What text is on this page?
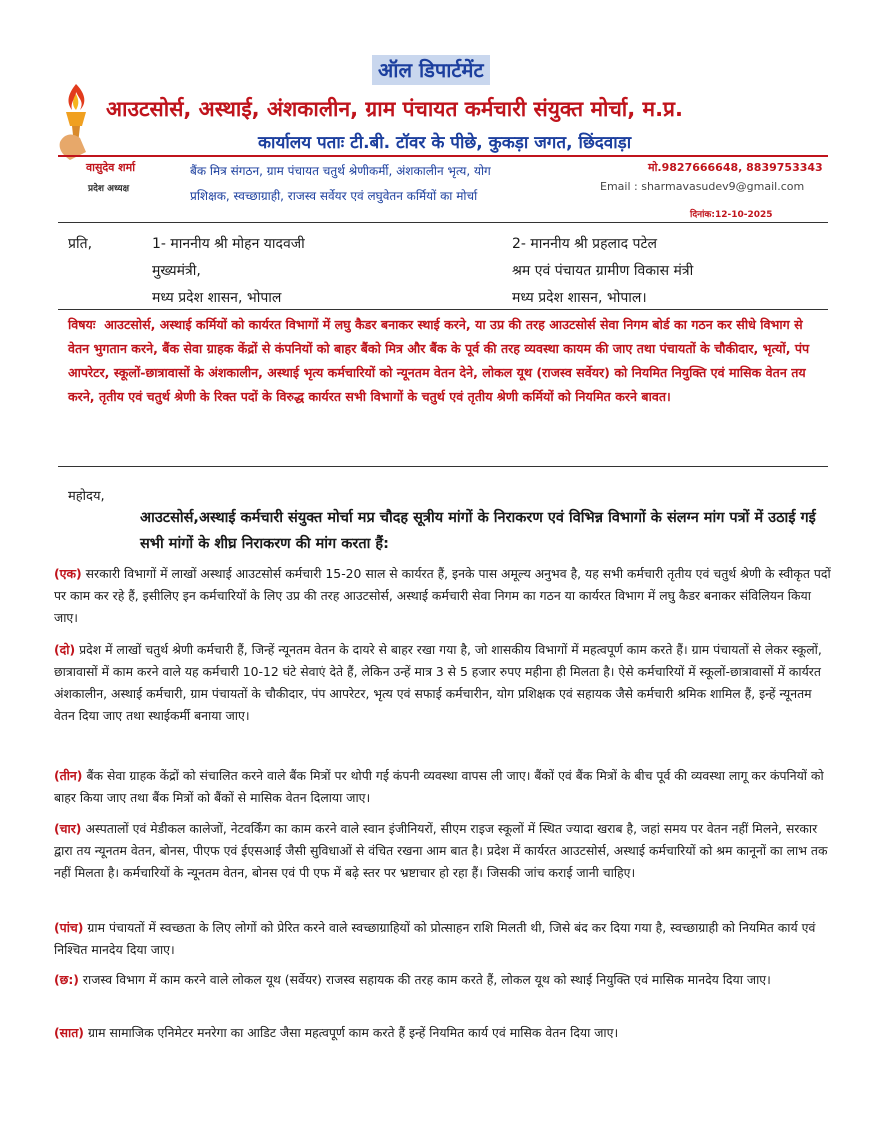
ऑल डिपार्टमेंट
आउटसोर्स, अस्थाई, अंशकालीन, ग्राम पंचायत कर्मचारी संयुक्त मोर्चा, म.प्र.
कार्यालय पताः टी.बी. टॉवर के पीछे, कुकड़ा जगत, छिंदवाड़ा
वासुदेव शर्मा
प्रदेश अध्यक्ष
बैंक मित्र संगठन, ग्राम पंचायत चतुर्थ श्रेणीकर्मी, अंशकालीन भृत्य, योग
प्रशिक्षक, स्वच्छाग्राही, राजस्व सर्वेयर एवं लघुवेतन कर्मियों का मोर्चा
मो.9827666648, 8839753343
Email : sharmavasudev9@gmail.com
दिनांक:12-10-2025
प्रति,	1- माननीय श्री मोहन यादवजी
मुख्यमंत्री,
मध्य प्रदेश शासन, भोपाल
2- माननीय श्री प्रहलाद पटेल
श्रम एवं पंचायत ग्रामीण विकास मंत्री
मध्य प्रदेश शासन, भोपाल।
विषयः आउटसोर्स, अस्थाई कर्मियों को कार्यरत विभागों में लघु कैडर बनाकर स्थाई करने, या उप्र की तरह आउटसोर्स सेवा निगम बोर्ड का गठन कर सीधे विभाग से वेतन भुगतान करने, बैंक सेवा ग्राहक केंद्रों से कंपनियों को बाहर बैंको मित्र और बैंक के पूर्व की तरह व्यवस्था कायम की जाए तथा पंचायतों के चौकीदार, भृत्यों, पंप आपरेटर, स्कूलों-छात्रावासों के अंशकालीन, अस्थाई भृत्य कर्मचारियों को न्यूनतम वेतन देने, लोकल यूथ (राजस्व सर्वेयर) को नियमित नियुक्ति एवं मासिक वेतन तय करने, तृतीय एवं चतुर्थ श्रेणी के रिक्त पदों के विरुद्ध कार्यरत सभी विभागों के चतुर्थ एवं तृतीय श्रेणी कर्मियों को नियमित करने बावत।
महोदय,
आउटसोर्स,अस्थाई कर्मचारी संयुक्त मोर्चा मप्र चौदह सूत्रीय मांगों के निराकरण एवं विभिन्न विभागों के संलग्न मांग पत्रों में उठाई गई सभी मांगों के शीघ्र निराकरण की मांग करता हैं:
(एक) सरकारी विभागों में लाखों अस्थाई आउटसोर्स कर्मचारी 15-20 साल से कार्यरत हैं, इनके पास अमूल्य अनुभव है, यह सभी कर्मचारी तृतीय एवं चतुर्थ श्रेणी के स्वीकृत पदों पर काम कर रहे हैं, इसीलिए इन कर्मचारियों के लिए उप्र की तरह आउटसोर्स, अस्थाई कर्मचारी सेवा निगम का गठन या कार्यरत विभाग में लघु कैडर बनाकर संविलियन किया जाए।
(दो) प्रदेश में लाखों चतुर्थ श्रेणी कर्मचारी हैं, जिन्हें न्यूनतम वेतन के दायरे से बाहर रखा गया है, जो शासकीय विभागों में महत्वपूर्ण काम करते हैं। ग्राम पंचायतों से लेकर स्कूलों, छात्रावासों में काम करने वाले यह कर्मचारी 10-12 घंटे सेवाएं देते हैं, लेकिन उन्हें मात्र 3 से 5 हजार रुपए महीना ही मिलता है। ऐसे कर्मचारियों में स्कूलों-छात्रावासों में कार्यरत अंशकालीन, अस्थाई कर्मचारी, ग्राम पंचायतों के चौकीदार, पंप आपरेटर, भृत्य एवं सफाई कर्मचारीन, योग प्रशिक्षक एवं सहायक जैसे कर्मचारी श्रमिक शामिल हैं, इन्हें न्यूनतम वेतन दिया जाए तथा स्थाईकर्मी बनाया जाए।
(तीन) बैंक सेवा ग्राहक केंद्रों को संचालित करने वाले बैंक मित्रों पर थोपी गई कंपनी व्यवस्था वापस ली जाए। बैंकों एवं बैंक मित्रों के बीच पूर्व की व्यवस्था लागू कर कंपनियों को बाहर किया जाए तथा बैंक मित्रों को बैंकों से मासिक वेतन दिलाया जाए।
(चार) अस्पतालों एवं मेडीकल कालेजों, नेटवर्किंग का काम करने वाले स्वान इंजीनियरों, सीएम राइज स्कूलों में स्थित ज्यादा खराब है, जहां समय पर वेतन नहीं मिलने, सरकार द्वारा तय न्यूनतम वेतन, बोनस, पीएफ एवं ईएसआई जैसी सुविधाओं से वंचित रखना आम बात है। प्रदेश में कार्यरत आउटसोर्स, अस्थाई कर्मचारियों को श्रम कानूनों का लाभ तक नहीं मिलता है। कर्मचारियों के न्यूनतम वेतन, बोनस एवं पी एफ में बढ़े स्तर पर भ्रष्टाचार हो रहा हैं। जिसकी जांच कराई जानी चाहिए।
(पांच) ग्राम पंचायतों में स्वच्छता के लिए लोगों को प्रेरित करने वाले स्वच्छाग्राहियों को प्रोत्साहन राशि मिलती थी, जिसे बंद कर दिया गया है, स्वच्छाग्राही को नियमित कार्य एवं निश्चित मानदेय दिया जाए।
(छ:) राजस्व विभाग में काम करने वाले लोकल यूथ (सर्वेयर) राजस्व सहायक की तरह काम करते हैं, लोकल यूथ को स्थाई नियुक्ति एवं मासिक मानदेय दिया जाए।
(सात) ग्राम सामाजिक एनिमेटर मनरेगा का आडिट जैसा महत्वपूर्ण काम करते हैं इन्हें नियमित कार्य एवं मासिक वेतन दिया जाए।
